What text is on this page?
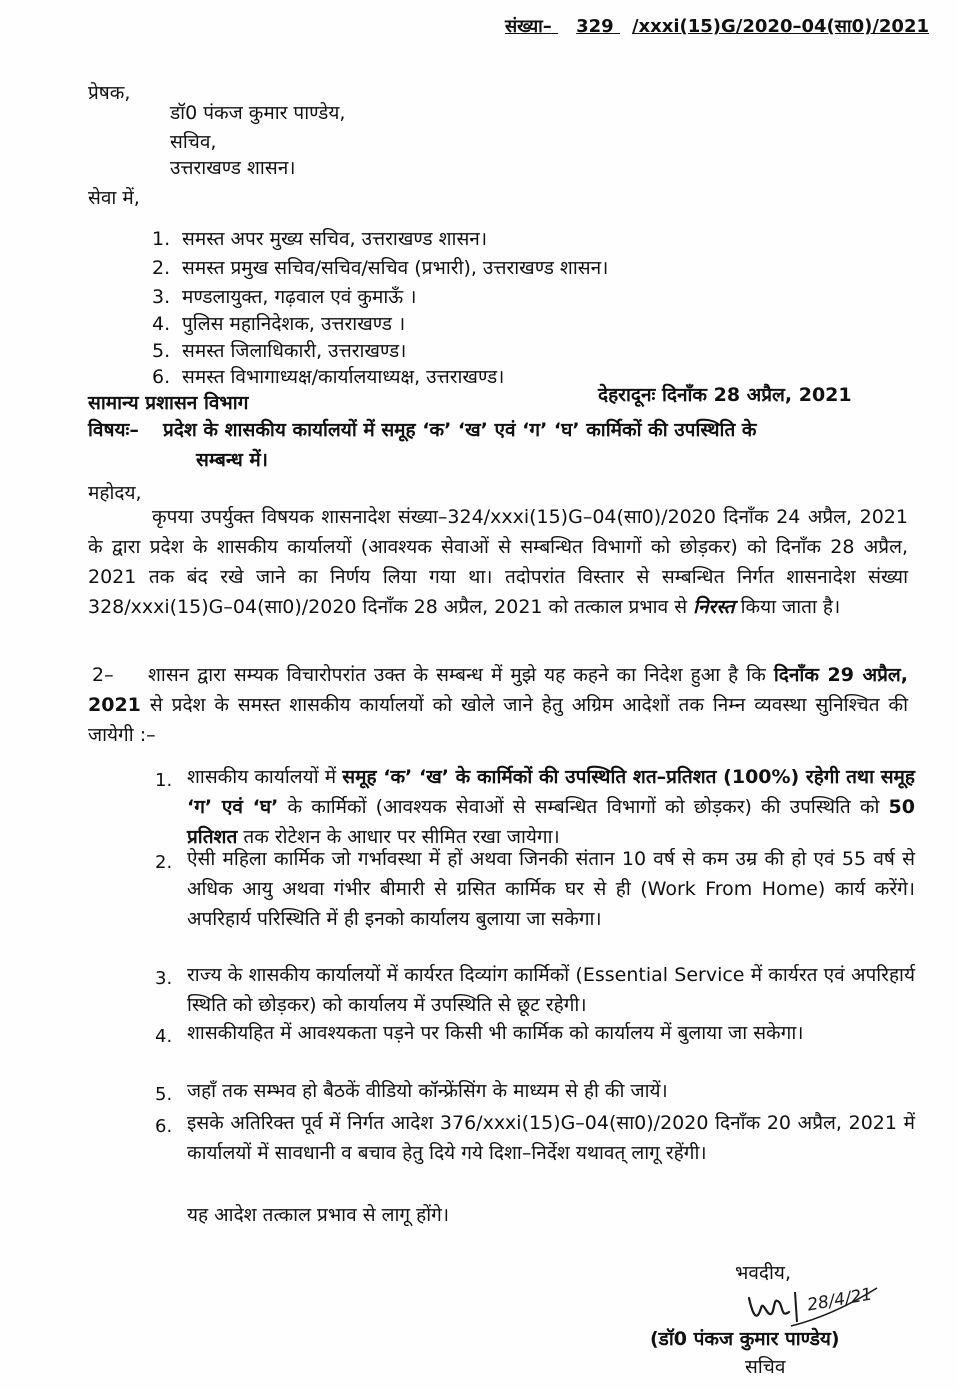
संख्या– 329 /xxxi(15)G/2020–04(सा0)/2021
प्रेषक,
डॉ0 पंकज कुमार पाण्डेय,
सचिव,
उत्तराखण्ड शासन।
सेवा में,
1. समस्त अपर मुख्य सचिव, उत्तराखण्ड शासन।
2. समस्त प्रमुख सचिव/सचिव/सचिव (प्रभारी), उत्तराखण्ड शासन।
3. मण्डलायुक्त, गढ़वाल एवं कुमाऊँ ।
4. पुलिस महानिदेशक, उत्तराखण्ड ।
5. समस्त जिलाधिकारी, उत्तराखण्ड।
6. समस्त विभागाध्यक्ष/कार्यालयाध्यक्ष, उत्तराखण्ड।
सामान्य प्रशासन विभाग	देहरादूनः दिनाँक 28 अप्रैल, 2021
विषयः– प्रदेश के शासकीय कार्यालयों में समूह ‘क’ ‘ख’ एवं ‘ग’ ‘घ’ कार्मिकों की उपस्थिति के
सम्बन्ध में।
महोदय,
कृपया उपर्युक्त विषयक शासनादेश संख्या–324/xxxi(15)G–04(सा0)/2020 दिनाँक 24 अप्रैल, 2021 के द्वारा प्रदेश के शासकीय कार्यालयों (आवश्यक सेवाओं से सम्बन्धित विभागों को छोड़कर) को दिनाँक 28 अप्रैल, 2021 तक बंद रखे जाने का निर्णय लिया गया था। तदोपरांत विस्तार से सम्बन्धित निर्गत शासनादेश संख्या 328/xxxi(15)G–04(सा0)/2020 दिनाँक 28 अप्रैल, 2021 को तत्काल प्रभाव से निरस्त किया जाता है।
2–	शासन द्वारा सम्यक विचारोपरांत उक्त के सम्बन्ध में मुझे यह कहने का निदेश हुआ है कि दिनाँक 29 अप्रैल, 2021 से प्रदेश के समस्त शासकीय कार्यालयों को खोले जाने हेतु अग्रिम आदेशों तक निम्न व्यवस्था सुनिश्चित की जायेगी :–
1. शासकीय कार्यालयों में समूह ‘क’ ‘ख’ के कार्मिकों की उपस्थिति शत–प्रतिशत (100%) रहेगी तथा समूह ‘ग’ एवं ‘घ’ के कार्मिकों (आवश्यक सेवाओं से सम्बन्धित विभागों को छोड़कर) की उपस्थिति को 50 प्रतिशत तक रोटेशन के आधार पर सीमित रखा जायेगा।
2. ऐसी महिला कार्मिक जो गर्भावस्था में हों अथवा जिनकी संतान 10 वर्ष से कम उम्र की हो एवं 55 वर्ष से अधिक आयु अथवा गंभीर बीमारी से ग्रसित कार्मिक घर से ही (Work From Home) कार्य करेंगे। अपरिहार्य परिस्थिति में ही इनको कार्यालय बुलाया जा सकेगा।
3. राज्य के शासकीय कार्यालयों में कार्यरत दिव्यांग कार्मिकों (Essential Service में कार्यरत एवं अपरिहार्य स्थिति को छोड़कर) को कार्यालय में उपस्थिति से छूट रहेगी।
4. शासकीयहित में आवश्यकता पड़ने पर किसी भी कार्मिक को कार्यालय में बुलाया जा सकेगा।
5. जहाँ तक सम्भव हो बैठकें वीडियो कॉन्फ्रेंसिंग के माध्यम से ही की जायें।
6. इसके अतिरिक्त पूर्व में निर्गत आदेश 376/xxxi(15)G–04(सा0)/2020 दिनाँक 20 अप्रैल, 2021 में कार्यालयों में सावधानी व बचाव हेतु दिये गये दिशा–निर्देश यथावत् लागू रहेंगी।
यह आदेश तत्काल प्रभाव से लागू होंगे।
भवदीय,
28/4/21
(डॉ0 पंकज कुमार पाण्डेय)
सचिव
